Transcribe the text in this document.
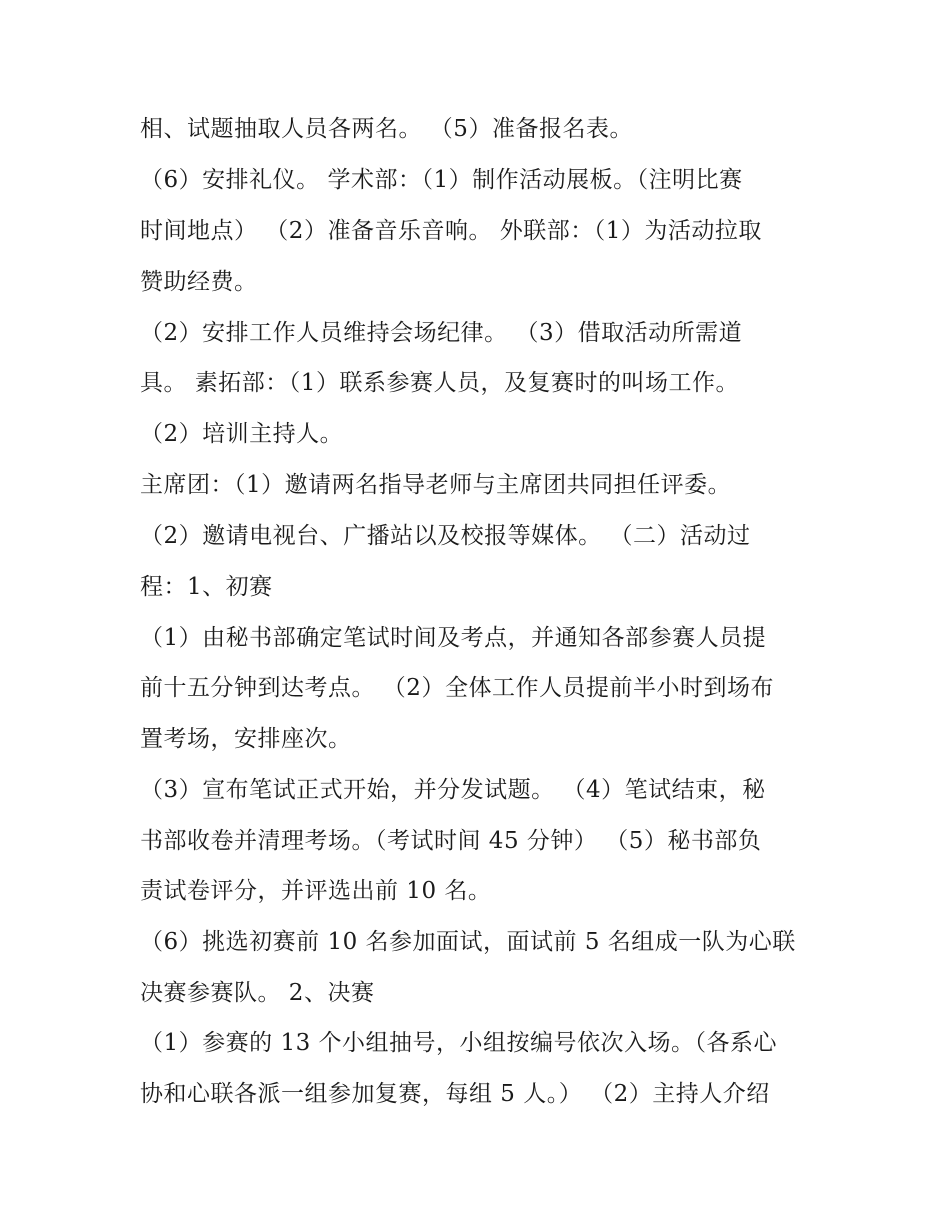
相、试题抽取人员各两名。 （5）准备报名表。
（6）安排礼仪。 学术部：（1）制作活动展板。（注明比赛
时间地点） （2）准备音乐音响。 外联部：（1）为活动拉取
赞助经费。
（2）安排工作人员维持会场纪律。 （3）借取活动所需道
具。 素拓部：（1）联系参赛人员，及复赛时的叫场工作。
（2）培训主持人。
主席团：（1）邀请两名指导老师与主席团共同担任评委。
（2）邀请电视台、广播站以及校报等媒体。 （二）活动过
程：1、初赛
（1）由秘书部确定笔试时间及考点，并通知各部参赛人员提
前十五分钟到达考点。 （2）全体工作人员提前半小时到场布
置考场，安排座次。
（3）宣布笔试正式开始，并分发试题。 （4）笔试结束，秘
书部收卷并清理考场。（考试时间 45 分钟） （5）秘书部负
责试卷评分，并评选出前 10 名。
（6）挑选初赛前 10 名参加面试，面试前 5 名组成一队为心联
决赛参赛队。 2、决赛
（1）参赛的 13 个小组抽号，小组按编号依次入场。（各系心
协和心联各派一组参加复赛，每组 5 人。） （2）主持人介绍
